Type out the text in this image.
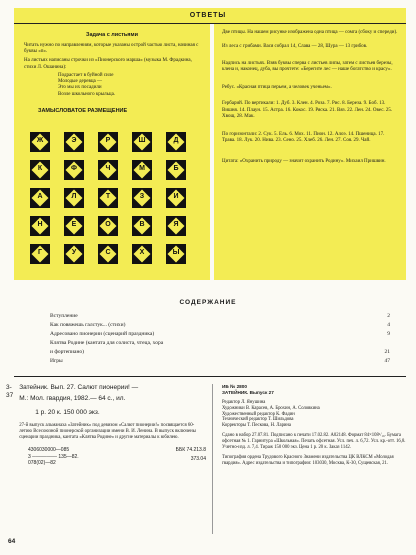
ОТВЕТЫ

Задача с листьями

Читать нужно по направлениям, которые указаны острой частью листа, начиная с буквы «п».

На листьях написаны строчки из «Пионерского марша» (музыка М. Фрадкина, стихи Л. Ошанина):

Подрастает в буйной силе

Молодые деревца —

Это мы их посадили

Возле школьного крыльца.

ЗАМЫСЛОВАТОЕ РАЗМЕЩЕНИЕ

Ж	Э	Р	Ш	Д
К	Ф	Ч	М	Б
А	Л	Т	З	И
Н	Е	О	В	Я
Г	У	С	Х	Ы

Две птицы. На нашем рисунке изображена одна птица — сомга (сбоку и спереди).

Из леса с грибами. Вася собрал 14, Слава — 28, Шура — 13 грибов.

Надпись на листьях. Взяв буквы сперва с листьев липы, затем с листьев березы, клена и, наконец, дуба, вы прочтете: «Берегите лес — наше богатство и красу».

Ребус. «Красная птица перьем, а человек ученьем».

Гербарий. По вертикали: 1. Дуб. 3. Клен. 4. Роза. 7. Рис. 8. Береза. 9. Боб. 13. Вишня. 14. Плаун. 15. Астра. 16. Кокос. 19. Ряска. 21. Вяз. 22. Лен. 24. Овес. 25. Хвощ. 28. Мак.

По горизонтали: 2. Сук. 5. Ель. 6. Мох. 11. Пион. 12. Алоэ. 14. Пшеница. 17. Трава. 18. Лук. 20. Нива. 23. Сено. 25. Хлеб. 26. Лен. 27. Соя. 29. Чай.

Цитата: «Охранить природу — значит охранить Родину». Михаил Пришвин.

СОДЕРЖАНИЕ
Вступление	2
Как повяжешь галстук... (стихи)	4
Адресовано пионерии (сценарий праздника)	9
Клятва Родине (кантата для солиста, чтеца, хора
и фортепиано)	21
Игры	47
3-37

Затейник. Вып. 27. Салют пионерии! —

М.: Мол. гвардия, 1982.— 64 с., ил.

1 р. 20 к. 150 000 экз.

27-й выпуск альманаха «Затейник» под девизом «Салют пионерии!» посвящается 60-летию Всесоюзной пионерской организации имени В. И. Ленина. В выпуск включены сценарии праздника, кантата «Клятва Родине» и другие материалы к юбилею.

4306030000—085

3 ─────── 135—82.

078(02)—82

ББК 74.213.8

373.04

ИБ № 2800

ЗАТЕЙНИК. Выпуск 27

Редактор Л. Янушина

Художники В. Карасев, А. Брохин, А. Соловкина

Художественный редактор К. Фадин

Технический редактор Т. Шильдова

Корректоры Т. Пескова, Н. Ларина

Сдано в набор 27.07.81. Подписано к печати 17.02.82. А02148. Формат 84×108¹/₁₆. Бумага офсетная № 1. Гарнитура «Школьная». Печать офсетная. Усл. печ. л. 6,72. Усл. кр.-отт. 16,8. Учетно-изд. л. 7,4. Тираж 150 000 экз. Цена 1 р. 20 к. Заказ 1142.

Типография ордена Трудового Красного Знамени издательства ЦК ВЛКСМ «Молодая гвардия». Адрес издательства и типографии: 103030, Москва, К-30, Сущевская, 21.

64
